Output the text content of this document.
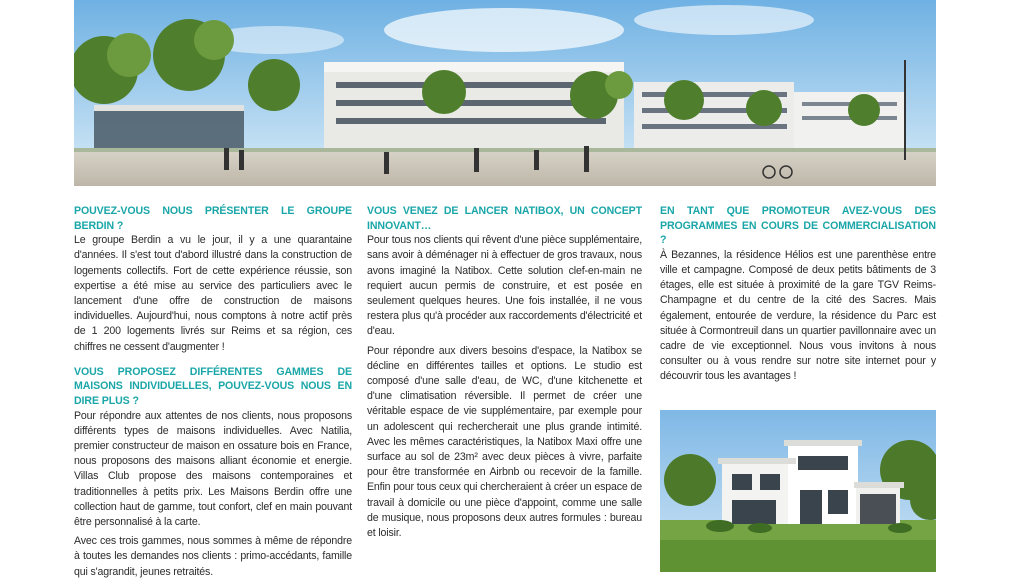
POUVEZ-VOUS NOUS PRÉSENTER LE GROUPE BERDIN ?

Le groupe Berdin a vu le jour, il y a une quarantaine d'années. Il s'est tout d'abord illustré dans la construction de logements collectifs. Fort de cette expérience réussie, son expertise a été mise au service des particuliers avec le lancement d'une offre de construction de maisons individuelles. Aujourd'hui, nous comptons à notre actif près de 1 200 logements livrés sur Reims et sa région, ces chiffres ne cessent d'augmenter !

VOUS PROPOSEZ DIFFÉRENTES GAMMES DE MAISONS INDIVIDUELLES, POUVEZ-VOUS NOUS EN DIRE PLUS ?

Pour répondre aux attentes de nos clients, nous proposons différents types de maisons individuelles. Avec Natilia, premier constructeur de maison en ossature bois en France, nous proposons des maisons alliant économie et energie. Villas Club propose des maisons contemporaines et traditionnelles à petits prix. Les Maisons Berdin offre une collection haut de gamme, tout confort, clef en main pouvant être personnalisé à la carte.

Avec ces trois gammes, nous sommes à même de répondre à toutes les demandes nos clients : primo-accédants, famille qui s'agrandit, jeunes retraités.

VOUS VENEZ DE LANCER NATIBOX, UN CONCEPT INNOVANT…

Pour tous nos clients qui rêvent d'une pièce supplémentaire, sans avoir à déménager ni à effectuer de gros travaux, nous avons imaginé la Natibox. Cette solution clef-en-main ne requiert aucun permis de construire, et est posée en seulement quelques heures. Une fois installée, il ne vous restera plus qu'à procéder aux raccordements d'électricité et d'eau.

Pour répondre aux divers besoins d'espace, la Natibox se décline en différentes tailles et options. Le studio est composé d'une salle d'eau, de WC, d'une kitchenette et d'une climatisation réversible. Il permet de créer une véritable espace de vie supplémentaire, par exemple pour un adolescent qui rechercherait une plus grande intimité. Avec les mêmes caractéristiques, la Natibox Maxi offre une surface au sol de 23m² avec deux pièces à vivre, parfaite pour être transformée en Airbnb ou recevoir de la famille. Enfin pour tous ceux qui chercheraient à créer un espace de travail à domicile ou une pièce d'appoint, comme une salle de musique, nous proposons deux autres formules : bureau et loisir.

EN TANT QUE PROMOTEUR AVEZ-VOUS DES PROGRAMMES EN COURS DE COMMERCIALISATION ?

À Bezannes, la résidence Hélios est une parenthèse entre ville et campagne. Composé de deux petits bâtiments de 3 étages, elle est située à proximité de la gare TGV Reims-Champagne et du centre de la cité des Sacres. Mais également, entourée de verdure, la résidence du Parc est située à Cormontreuil dans un quartier pavillonnaire avec un cadre de vie exceptionnel. Nous vous invitons à nous consulter ou à vous rendre sur notre site internet pour y découvrir tous les avantages !
